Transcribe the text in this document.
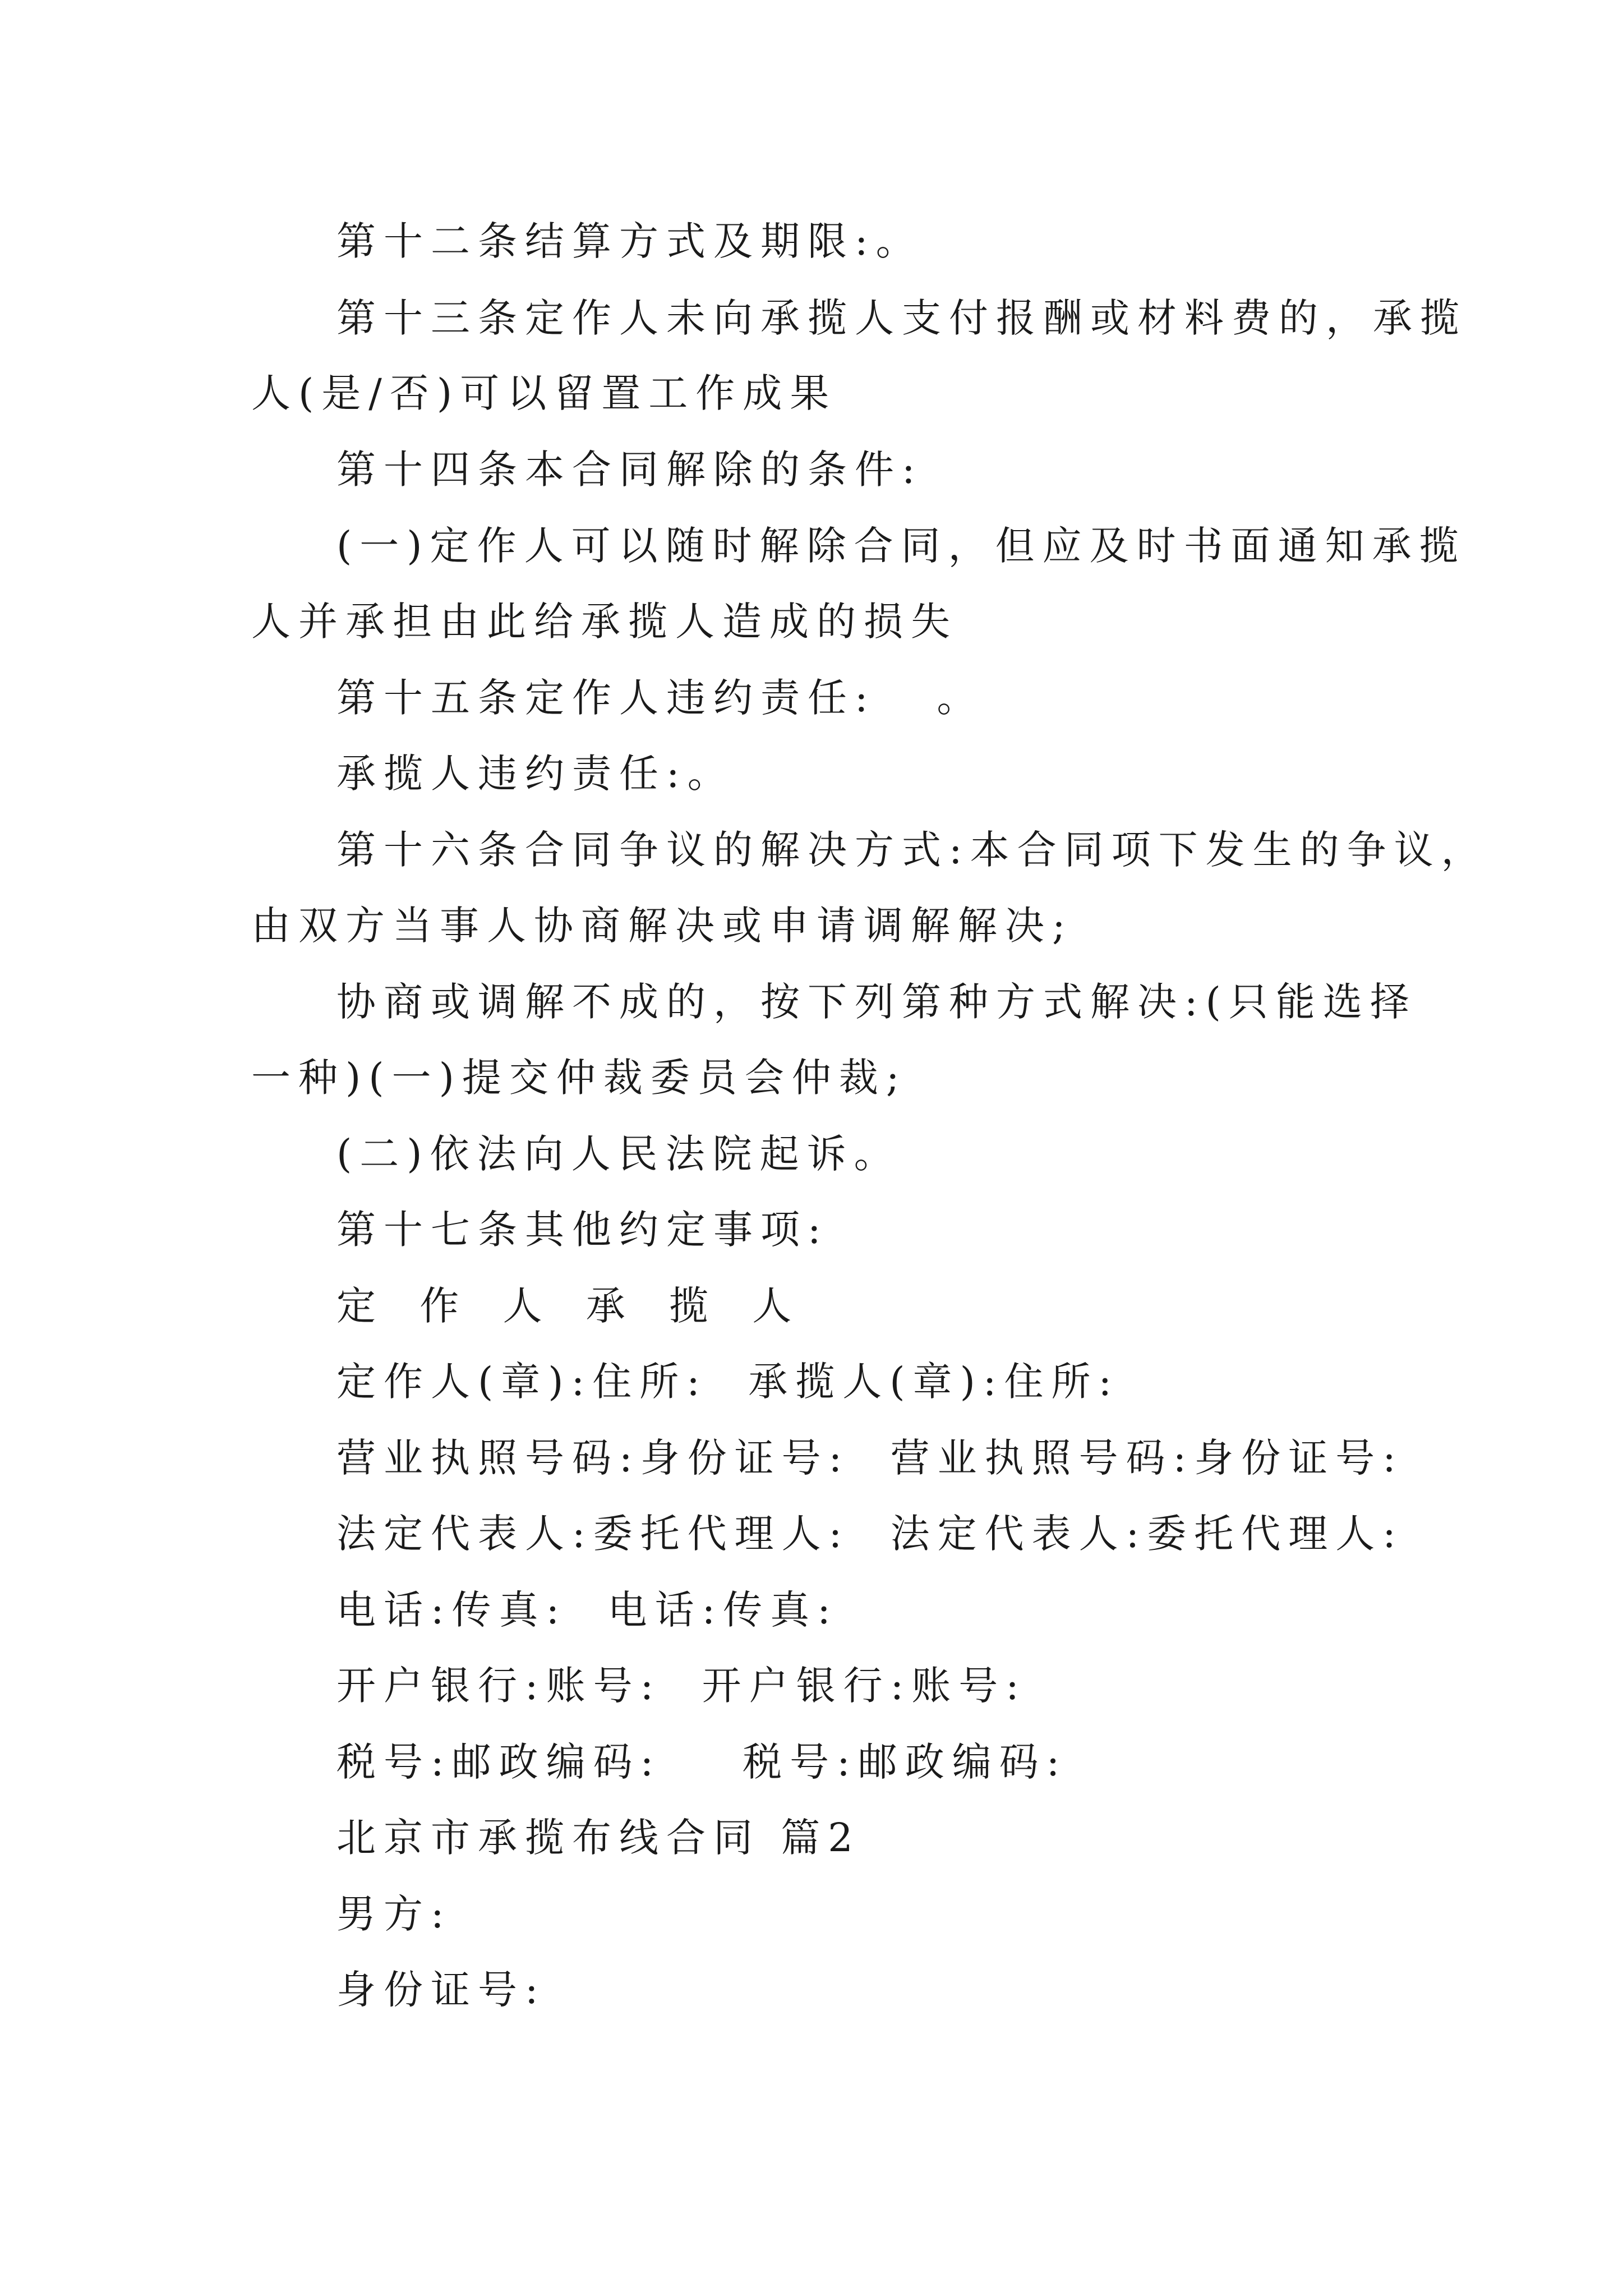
第十二条结算方式及期限:。
第十三条定作人未向承揽人支付报酬或材料费的，承揽
人(是/否)可以留置工作成果
第十四条本合同解除的条件:
(一)定作人可以随时解除合同，但应及时书面通知承揽
人并承担由此给承揽人造成的损失
第十五条定作人违约责任:   。
承揽人违约责任:。
第十六条合同争议的解决方式:本合同项下发生的争议，
由双方当事人协商解决或申请调解解决;
协商或调解不成的，按下列第种方式解决:(只能选择
一种)(一)提交仲裁委员会仲裁;
(二)依法向人民法院起诉。
第十七条其他约定事项:
定 作 人 承 揽 人
定作人(章):住所:  承揽人(章):住所:
营业执照号码:身份证号:  营业执照号码:身份证号:
法定代表人:委托代理人:  法定代表人:委托代理人:
电话:传真:  电话:传真:
开户银行:账号:  开户银行:账号:
税号:邮政编码:    税号:邮政编码:
北京市承揽布线合同 篇2
男方:
身份证号:
